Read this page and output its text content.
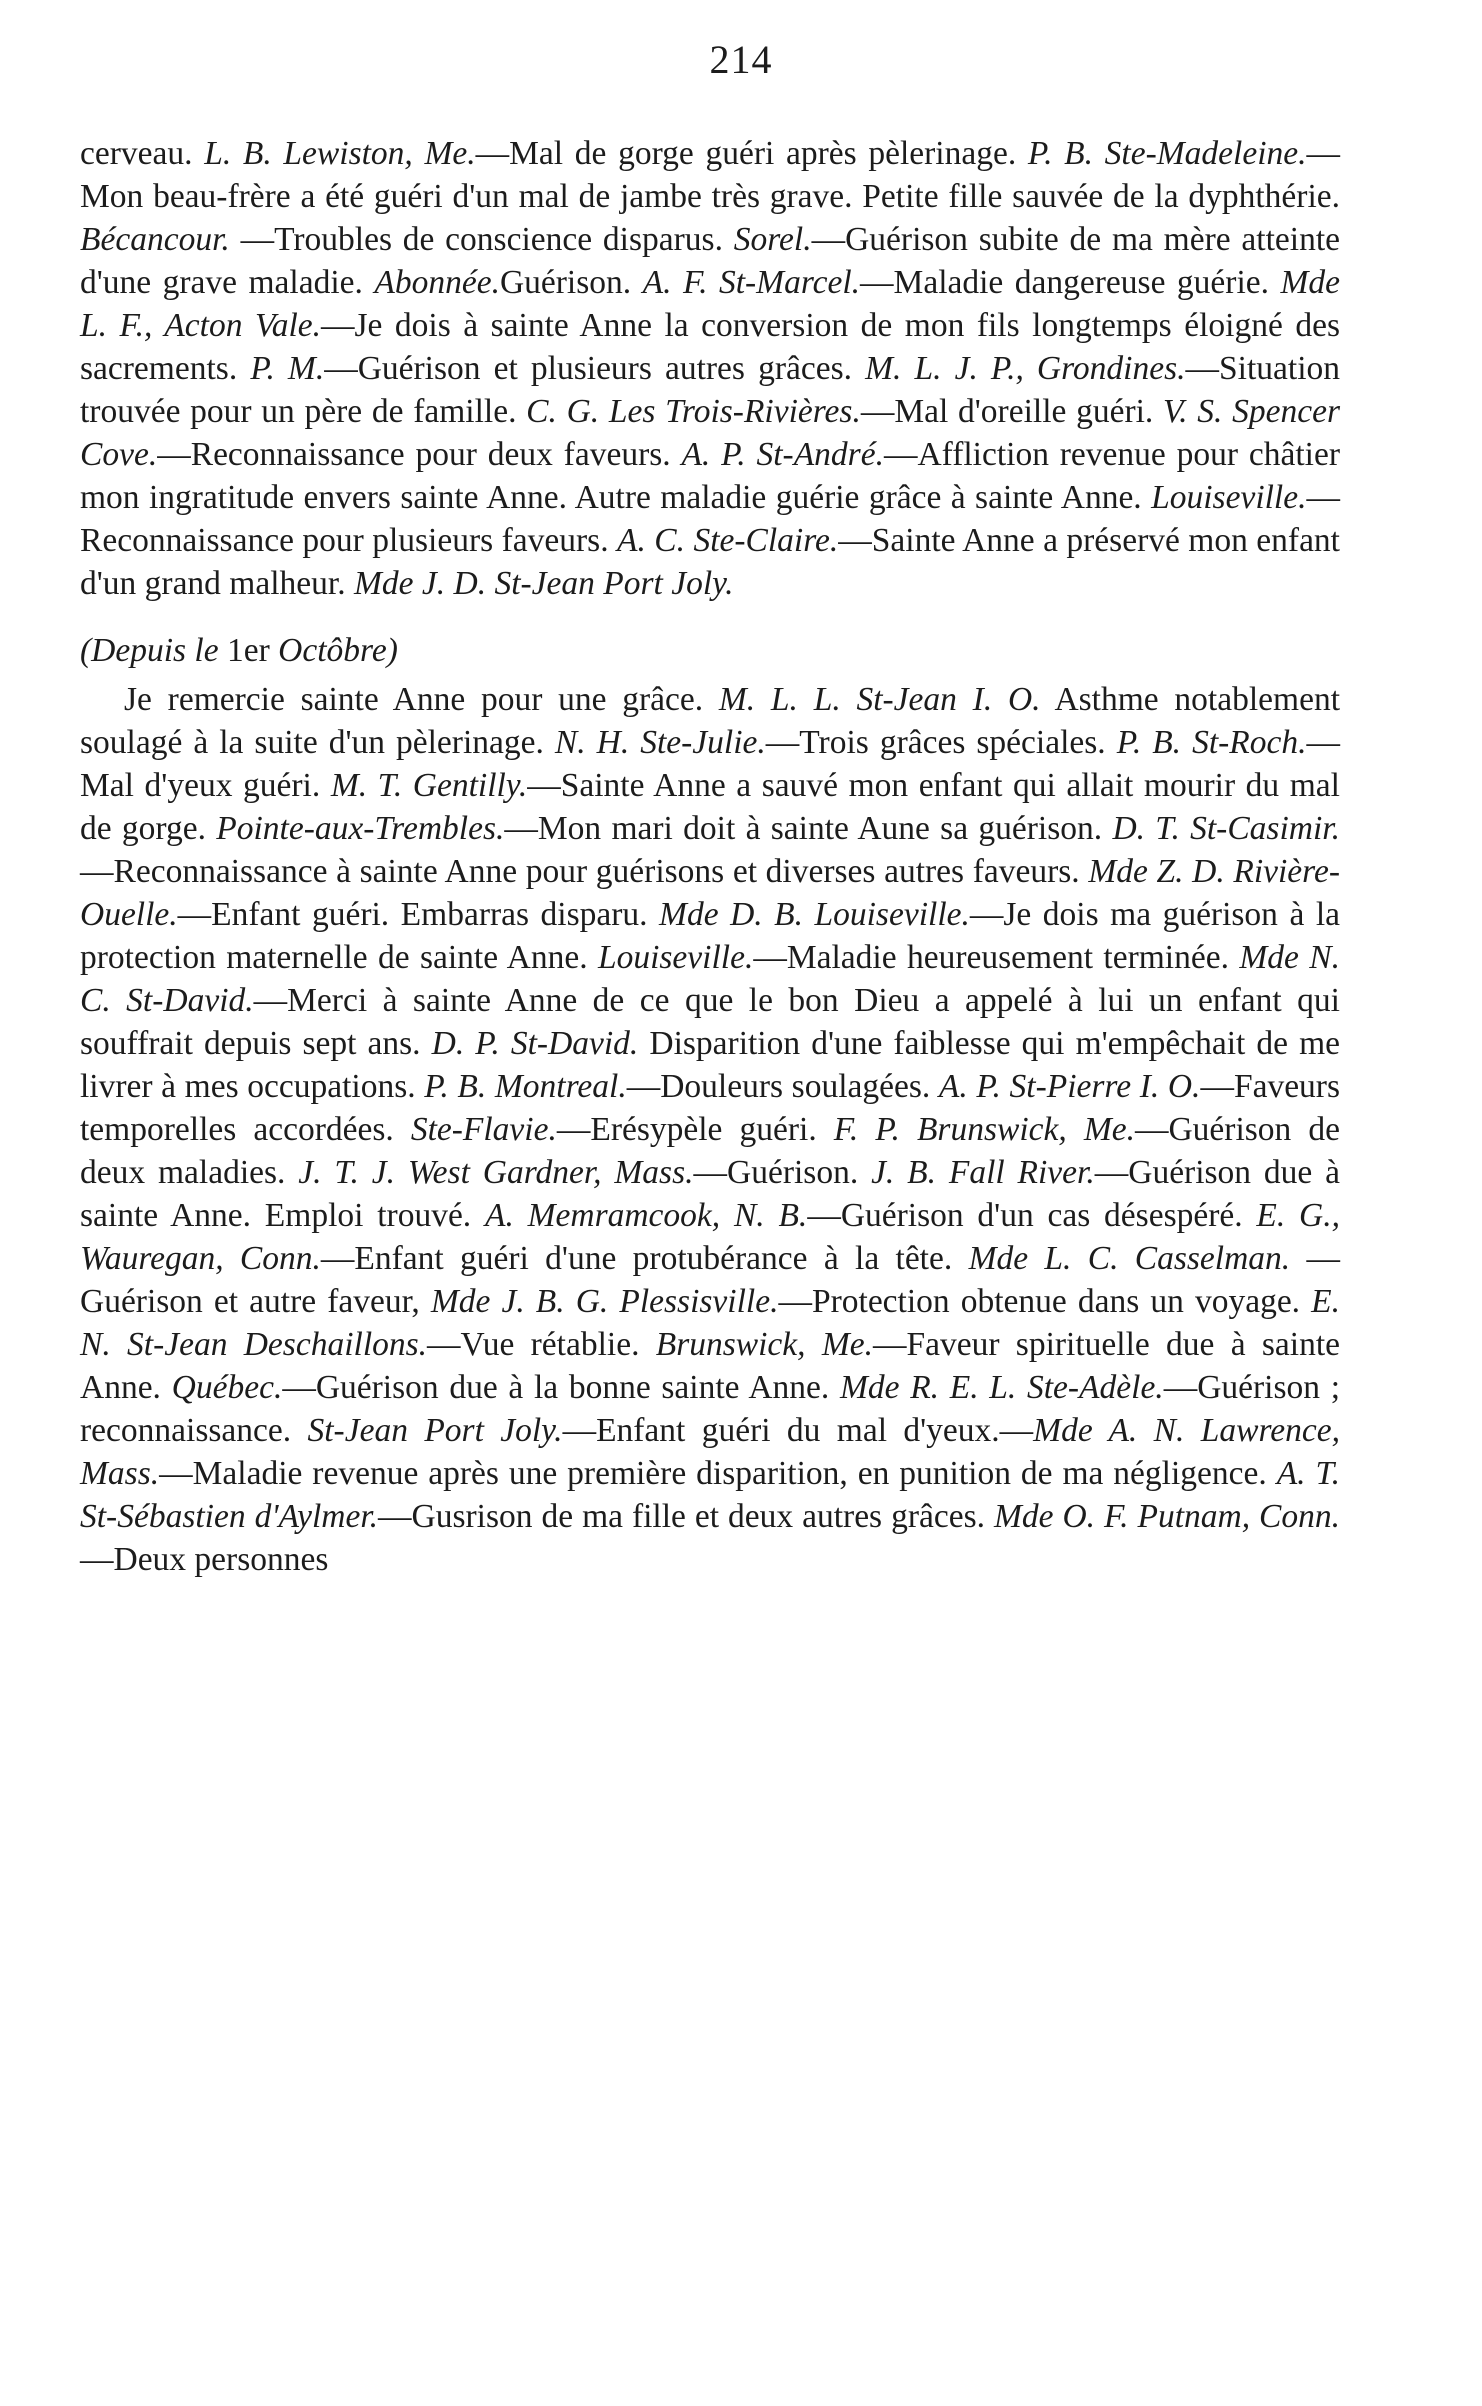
214

cerveau. L. B. Lewiston, Me.—Mal de gorge guéri après pèlerinage. P. B. Ste-Madeleine.—Mon beau-frère a été guéri d'un mal de jambe très grave. Petite fille sauvée de la dyphthérie. Bécancour. —Troubles de conscience disparus. Sorel.—Guérison subite de ma mère atteinte d'une grave maladie. Abonnée.Guérison. A. F. St-Marcel.—Maladie dangereuse guérie. Mde L. F., Acton Vale.—Je dois à sainte Anne la conversion de mon fils longtemps éloigné des sacrements. P. M.—Guérison et plusieurs autres grâces. M. L. J. P., Grondines.—Situation trouvée pour un père de famille. C. G. Les Trois-Rivières.—Mal d'oreille guéri. V. S. Spencer Cove.—Reconnaissance pour deux faveurs. A. P. St-André.—Affliction revenue pour châtier mon ingratitude envers sainte Anne. Autre maladie guérie grâce à sainte Anne. Louiseville.—Reconnaissance pour plusieurs faveurs. A. C. Ste-Claire.—Sainte Anne a préservé mon enfant d'un grand malheur. Mde J. D. St-Jean Port Joly.

(Depuis le 1er Octôbre)

Je remercie sainte Anne pour une grâce. M. L. L. St-Jean I. O. Asthme notablement soulagé à la suite d'un pèlerinage. N. H. Ste-Julie.—Trois grâces spéciales. P. B. St-Roch.—Mal d'yeux guéri. M. T. Gentilly.—Sainte Anne a sauvé mon enfant qui allait mourir du mal de gorge. Pointe-aux-Trembles.—Mon mari doit à sainte Aune sa guérison. D. T. St-Casimir.—Reconnaissance à sainte Anne pour guérisons et diverses autres faveurs. Mde Z. D. Rivière-Ouelle.—Enfant guéri. Embarras disparu. Mde D. B. Louiseville.—Je dois ma guérison à la protection maternelle de sainte Anne. Louiseville.—Maladie heureusement terminée. Mde N. C. St-David.—Merci à sainte Anne de ce que le bon Dieu a appelé à lui un enfant qui souffrait depuis sept ans. D. P. St-David. Disparition d'une faiblesse qui m'empêchait de me livrer à mes occupations. P. B. Montreal.—Douleurs soulagées. A. P. St-Pierre I. O.—Faveurs temporelles accordées. Ste-Flavie.—Erésypèle guéri. F. P. Brunswick, Me.—Guérison de deux maladies. J. T. J. West Gardner, Mass.—Guérison. J. B. Fall River.—Guérison due à sainte Anne. Emploi trouvé. A. Memramcook, N. B.—Guérison d'un cas désespéré. E. G., Wauregan, Conn.—Enfant guéri d'une protubérance à la tête. Mde L. C. Casselman. —Guérison et autre faveur, Mde J. B. G. Plessisville.—Protection obtenue dans un voyage. E. N. St-Jean Deschaillons.—Vue rétablie. Brunswick, Me.—Faveur spirituelle due à sainte Anne. Québec.—Guérison due à la bonne sainte Anne. Mde R. E. L. Ste-Adèle.—Guérison ; reconnaissance. St-Jean Port Joly.—Enfant guéri du mal d'yeux.—Mde A. N. Lawrence, Mass.—Maladie revenue après une première disparition, en punition de ma négligence. A. T. St-Sébastien d'Aylmer.—Gusrison de ma fille et deux autres grâces. Mde O. F. Putnam, Conn.—Deux personnes
